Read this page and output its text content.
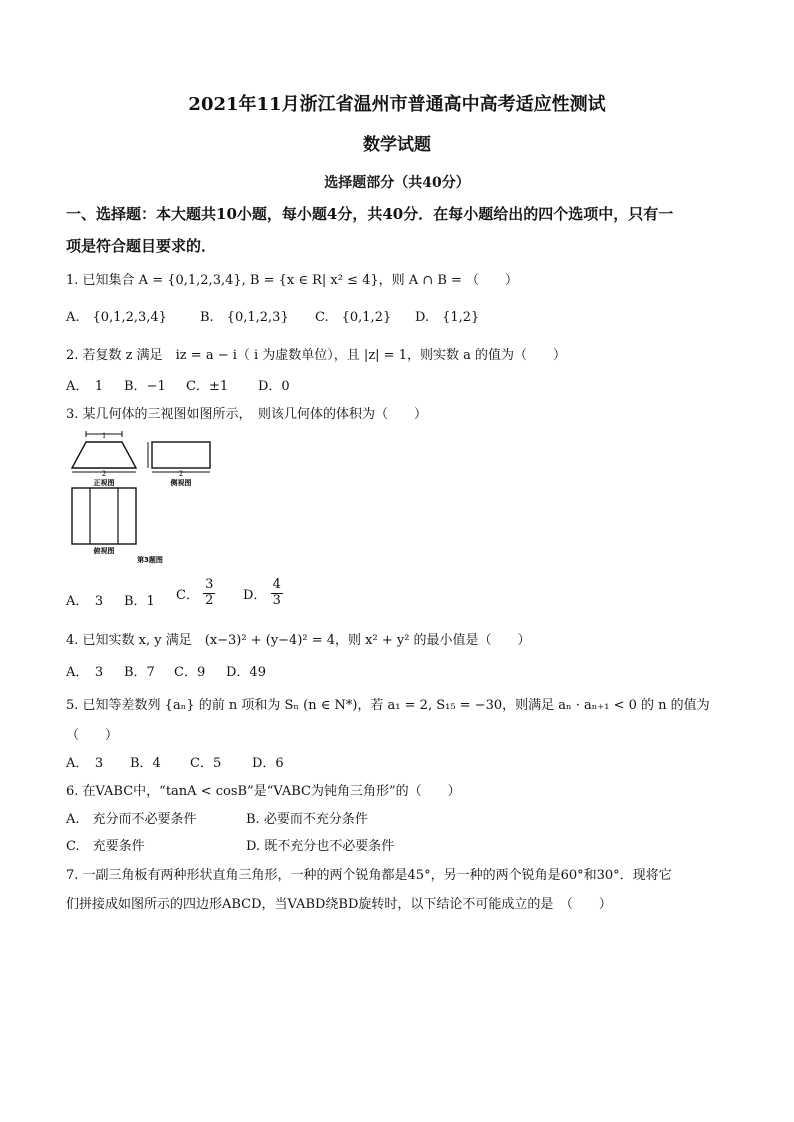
2021年11月浙江省温州市普通高中高考适应性测试
数学试题
选择题部分（共40分）
一、选择题：本大题共10小题，每小题4分，共40分．在每小题给出的四个选项中，只有一
项是符合题目要求的．
1. 已知集合 A = {0,1,2,3,4}, B = {x ∈ R| x² ≤ 4}，则 A ∩ B = （　　）
A.　{0,1,2,3,4}	B.　{0,1,2,3} C.　{0,1,2} D.　{1,2}
2. 若复数 z 满足　iz = a − i（ i 为虚数单位），且 |z| = 1，则实数 a 的值为（　　）
A．　1 B．−1 C．±1 D．0
3. 某几何体的三视图如图所示，　则该几何体的体积为（　　）
1
2
正视图
2
侧视图
俯视图
第3题图
A．　3 B．1 C． $\frac{3}{2}$ D． $\frac{4}{3}$
4. 已知实数 x, y 满足　(x−3)² + (y−4)² = 4，则 x² + y² 的最小值是（　　）
A．　3 B．7 C．9 D．49
5. 已知等差数列 {aₙ} 的前 n 项和为 Sₙ (n ∈ N*)，若 a₁ = 2, S₁₅ = −30，则满足 aₙ · aₙ₊₁ < 0 的 n 的值为
（　　）
A．　3 B．4 C．5 D．6
6. 在VABC中，“tanA < cosB”是“VABC为钝角三角形”的（　　）
A.　充分而不必要条件	B. 必要而不充分条件
C.　充要条件	D. 既不充分也不必要条件
7. 一副三角板有两种形状直角三角形，一种的两个锐角都是45°，另一种的两个锐角是60°和30°．现将它
们拼接成如图所示的四边形ABCD，当VABD绕BD旋转时，以下结论不可能成立的是　（　　）
